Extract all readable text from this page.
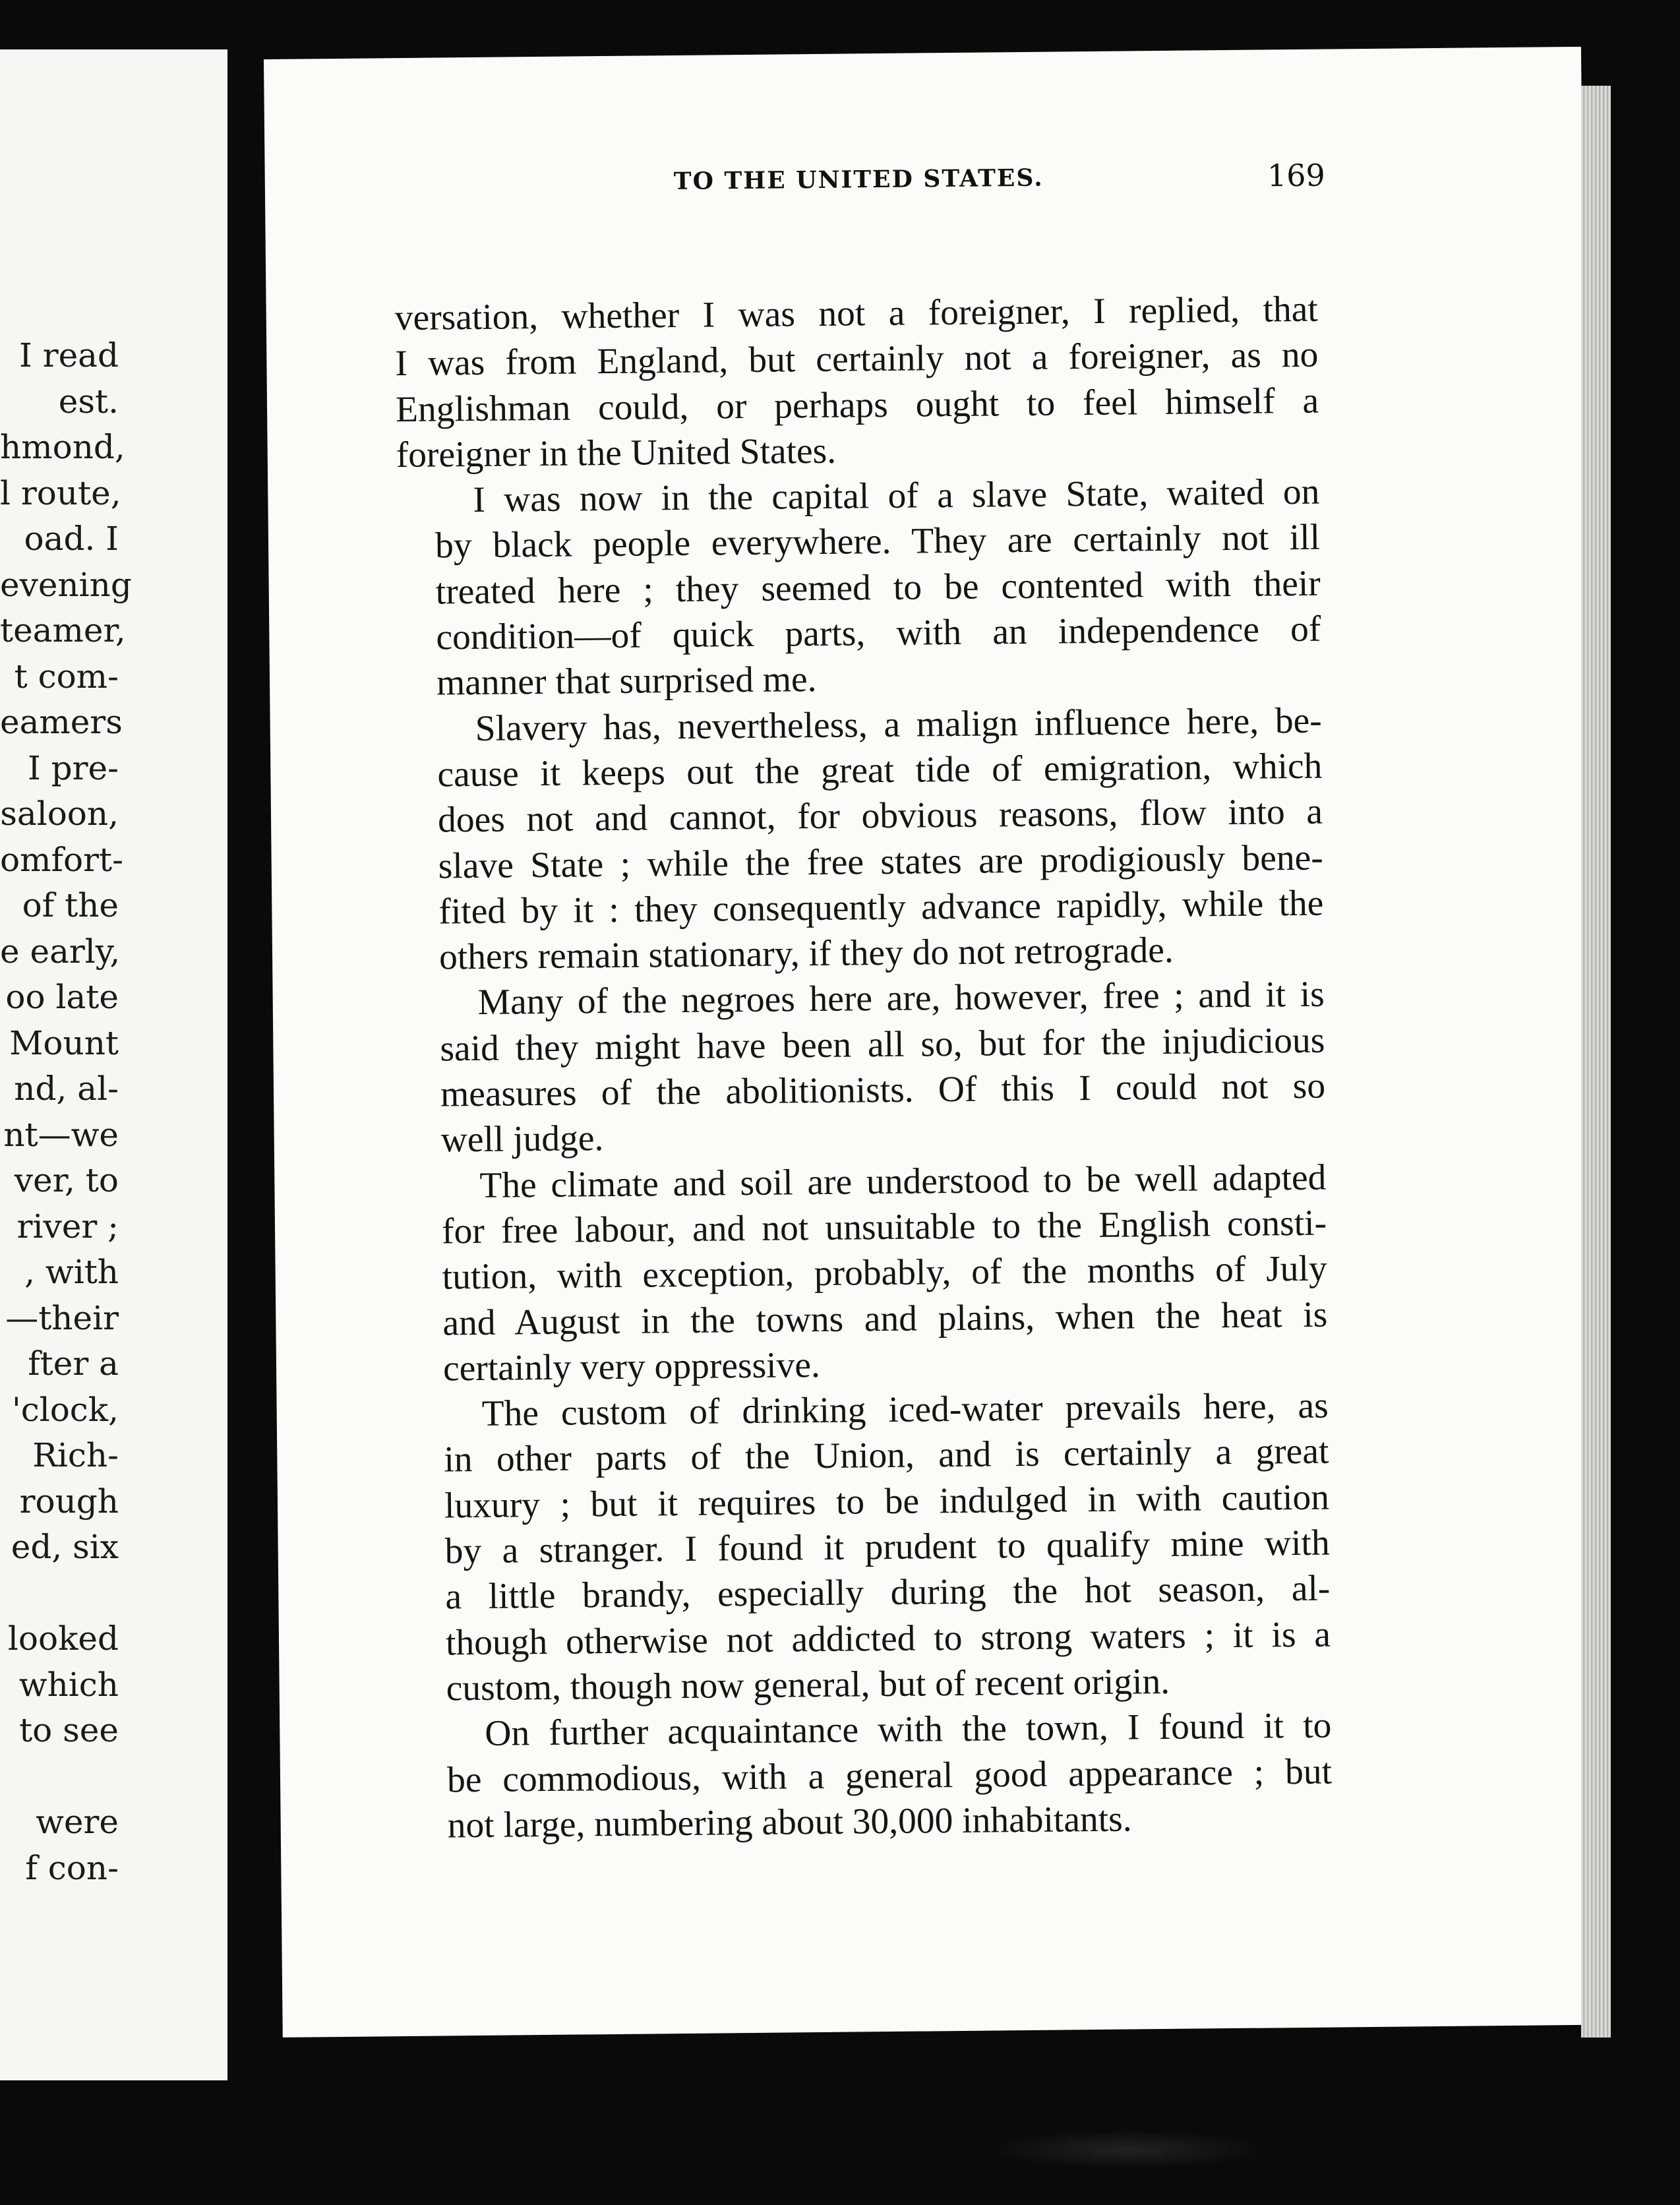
I read
est.
hmond,
l route,
oad. I
evening
teamer,
t com-
eamers
I pre-
saloon,
omfort-
of the
e early,
oo late
Mount
nd, al-
nt—we
ver, to
river ;
, with
—their
fter a
'clock,
Rich-
rough
ed, six
looked
which
to see
were
f con-
TO THE UNITED STATES.	169
versation, whether I was not a foreigner, I replied, that
I was from England, but certainly not a foreigner, as no
Englishman could, or perhaps ought to feel himself a
foreigner in the United States.
I was now in the capital of a slave State, waited on
by black people everywhere. They are certainly not ill
treated here ; they seemed to be contented with their
condition—of quick parts, with an independence of
manner that surprised me.
Slavery has, nevertheless, a malign influence here, be-
cause it keeps out the great tide of emigration, which
does not and cannot, for obvious reasons, flow into a
slave State ; while the free states are prodigiously bene-
fited by it : they consequently advance rapidly, while the
others remain stationary, if they do not retrograde.
Many of the negroes here are, however, free ; and it is
said they might have been all so, but for the injudicious
measures of the abolitionists. Of this I could not so
well judge.
The climate and soil are understood to be well adapted
for free labour, and not unsuitable to the English consti-
tution, with exception, probably, of the months of July
and August in the towns and plains, when the heat is
certainly very oppressive.
The custom of drinking iced-water prevails here, as
in other parts of the Union, and is certainly a great
luxury ; but it requires to be indulged in with caution
by a stranger. I found it prudent to qualify mine with
a little brandy, especially during the hot season, al-
though otherwise not addicted to strong waters ; it is a
custom, though now general, but of recent origin.
On further acquaintance with the town, I found it to
be commodious, with a general good appearance ; but
not large, numbering about 30,000 inhabitants.
